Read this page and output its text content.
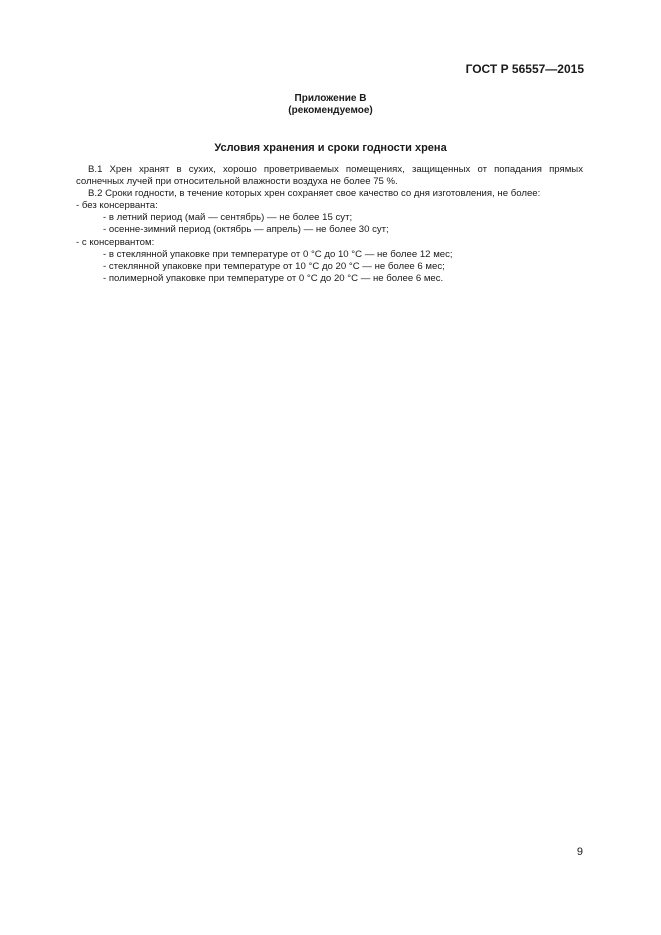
ГОСТ Р 56557—2015
Приложение В
(рекомендуемое)
Условия хранения и сроки годности хрена

В.1 Хрен хранят в сухих, хорошо проветриваемых помещениях, защищенных от попадания прямых солнечных лучей при относительной влажности воздуха не более 75 %.

В.2 Сроки годности, в течение которых хрен сохраняет свое качество со дня изготовления, не более:

- без консерванта:
- в летний период (май — сентябрь) — не более 15 сут;
- осенне-зимний период (октябрь — апрель) — не более 30 сут;
- с консервантом:
- в стеклянной упаковке при температуре от 0 °С до 10 °С — не более 12 мес;
- стеклянной упаковке при температуре от 10 °С до 20 °С — не более 6 мес;
- полимерной упаковке при температуре от 0 °С до 20 °С — не более 6 мес.
9
